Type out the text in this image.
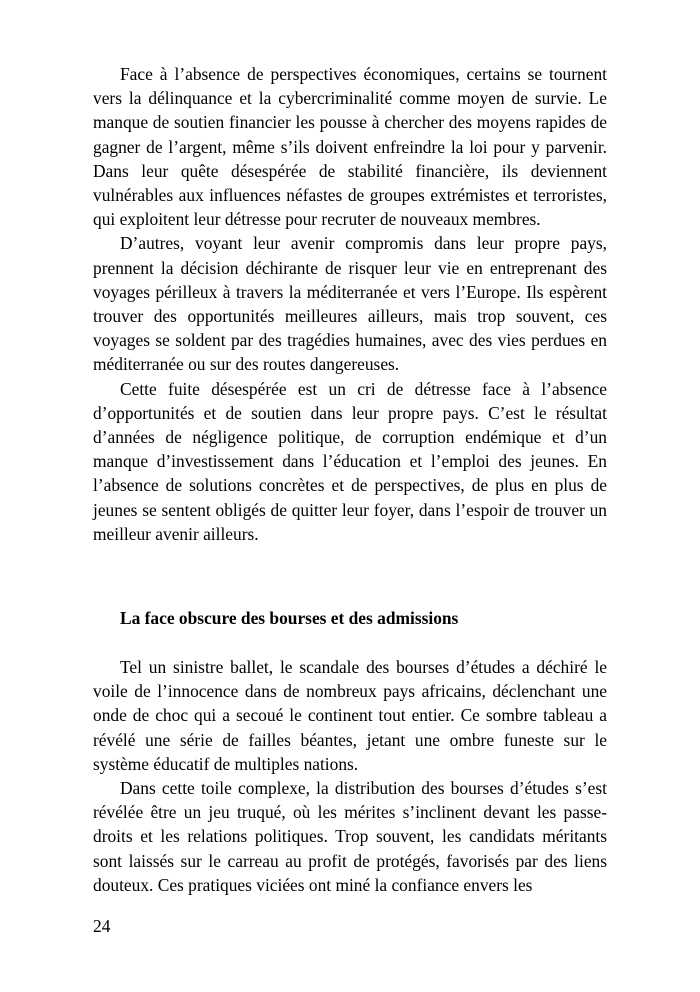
Face à l’absence de perspectives économiques, certains se tournent vers la délinquance et la cybercriminalité comme moyen de survie. Le manque de soutien financier les pousse à chercher des moyens rapides de gagner de l’argent, même s’ils doivent enfreindre la loi pour y parvenir. Dans leur quête désespérée de stabilité financière, ils deviennent vulnérables aux influences néfastes de groupes extrémistes et terroristes, qui exploitent leur détresse pour recruter de nouveaux membres.

D’autres, voyant leur avenir compromis dans leur propre pays, prennent la décision déchirante de risquer leur vie en entreprenant des voyages périlleux à travers la méditerranée et vers l’Europe. Ils espèrent trouver des opportunités meilleures ailleurs, mais trop souvent, ces voyages se soldent par des tragédies humaines, avec des vies perdues en méditerranée ou sur des routes dangereuses.

Cette fuite désespérée est un cri de détresse face à l’absence d’opportunités et de soutien dans leur propre pays. C’est le résultat d’années de négligence politique, de corruption endémique et d’un manque d’investissement dans l’éducation et l’emploi des jeunes. En l’absence de solutions concrètes et de perspectives, de plus en plus de jeunes se sentent obligés de quitter leur foyer, dans l’espoir de trouver un meilleur avenir ailleurs.

La face obscure des bourses et des admissions

Tel un sinistre ballet, le scandale des bourses d’études a déchiré le voile de l’innocence dans de nombreux pays africains, déclenchant une onde de choc qui a secoué le continent tout entier. Ce sombre tableau a révélé une série de failles béantes, jetant une ombre funeste sur le système éducatif de multiples nations.

Dans cette toile complexe, la distribution des bourses d’études s’est révélée être un jeu truqué, où les mérites s’inclinent devant les passe-droits et les relations politiques. Trop souvent, les candidats méritants sont laissés sur le carreau au profit de protégés, favorisés par des liens douteux. Ces pratiques viciées ont miné la confiance envers les

24
